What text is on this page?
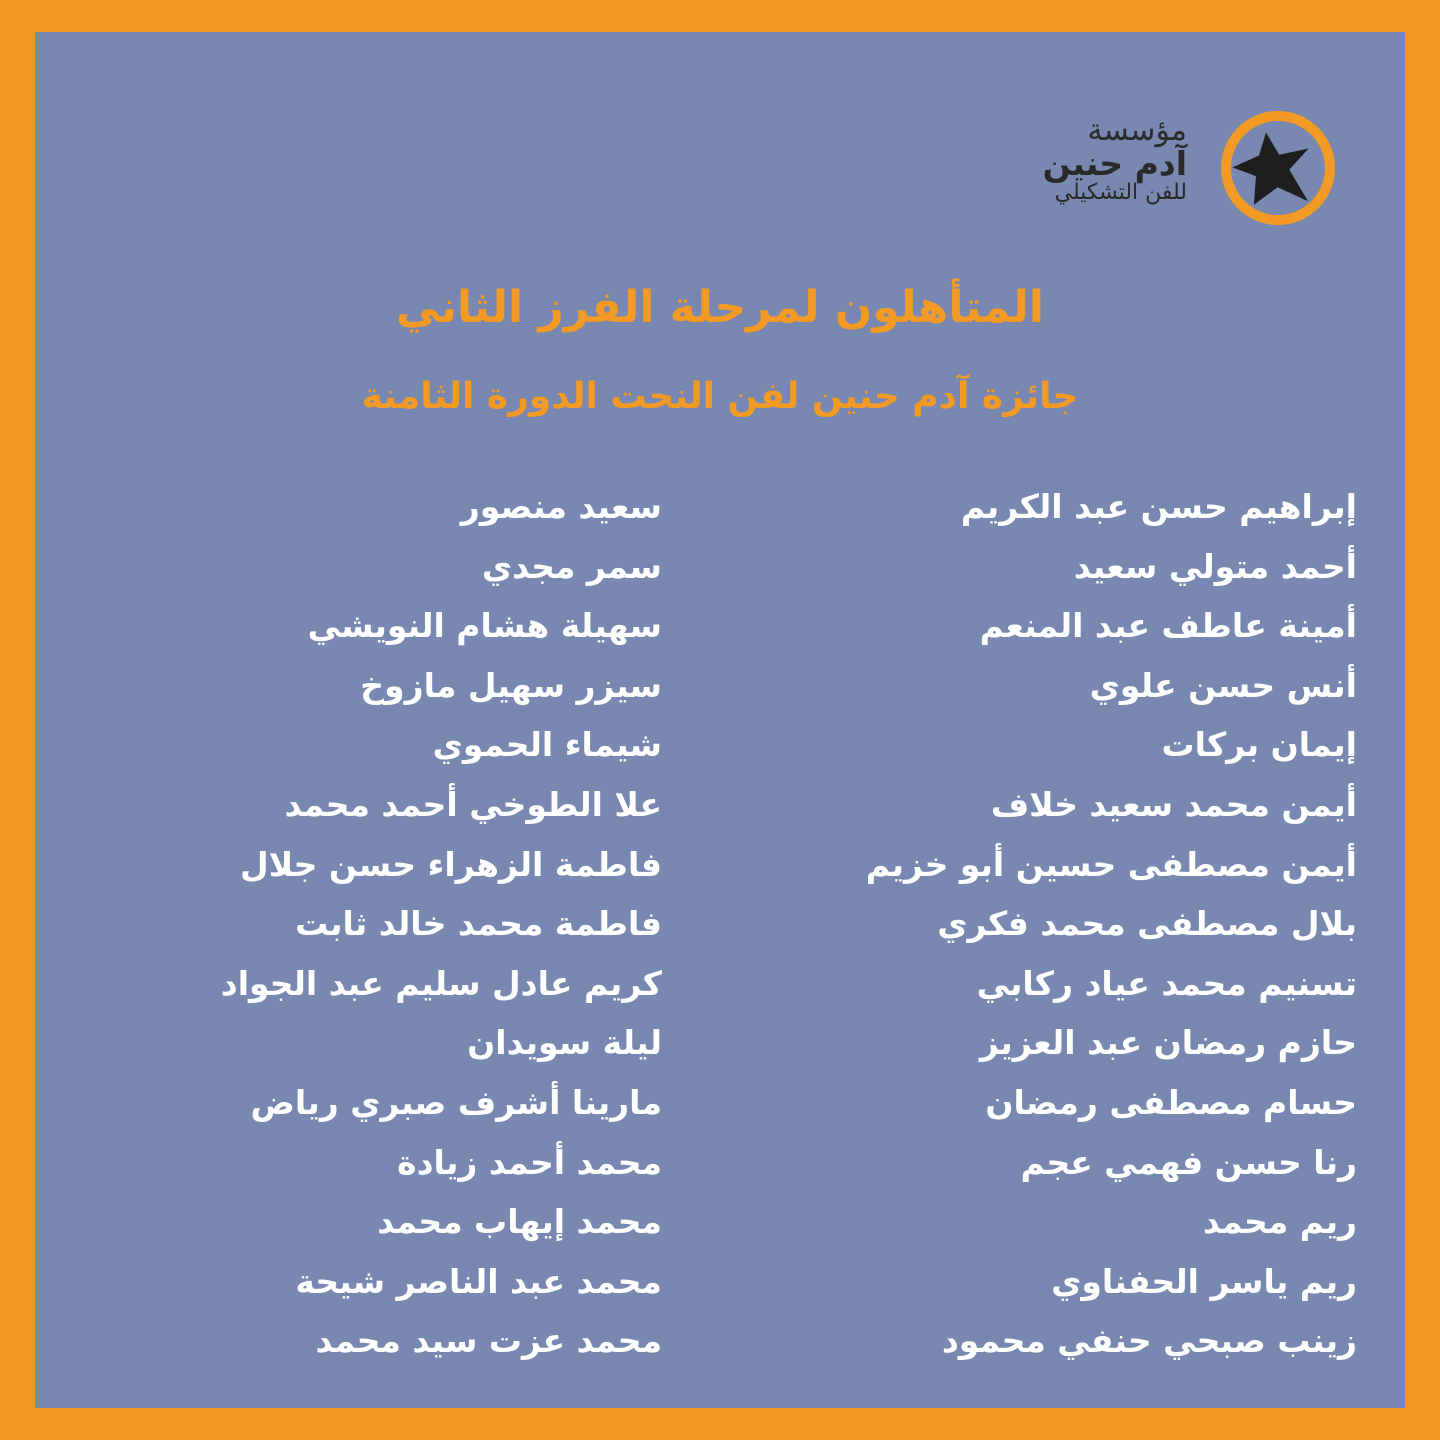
مؤسسة
آدم حنين
للفن التشكيلي
المتأهلون لمرحلة الفرز الثاني
جائزة آدم حنين لفن النحت الدورة الثامنة
إبراهيم حسن عبد الكريم
أحمد متولي سعيد
أمينة عاطف عبد المنعم
أنس حسن علوي
إيمان بركات
أيمن محمد سعيد خلاف
أيمن مصطفى حسين أبو خزيم
بلال مصطفى محمد فكري
تسنيم محمد عياد ركابي
حازم رمضان عبد العزيز
حسام مصطفى رمضان
رنا حسن فهمي عجم
ريم محمد
ريم ياسر الحفناوي
زينب صبحي حنفي محمود
سعيد منصور
سمر مجدي
سهيلة هشام النويشي
سيزر سهيل مازوخ
شيماء الحموي
علا الطوخي أحمد محمد
فاطمة الزهراء حسن جلال
فاطمة محمد خالد ثابت
كريم عادل سليم عبد الجواد
ليلة سويدان
مارينا أشرف صبري رياض
محمد أحمد زيادة
محمد إيهاب محمد
محمد عبد الناصر شيحة
محمد عزت سيد محمد
